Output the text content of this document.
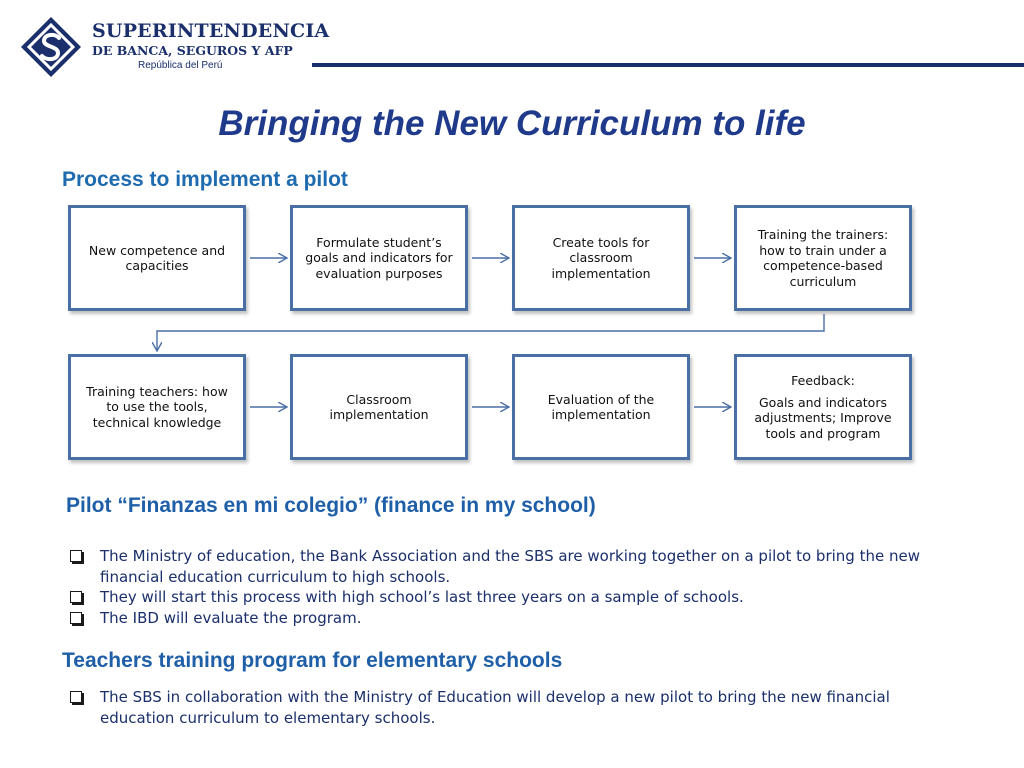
SUPERINTENDENCIA
DE BANCA, SEGUROS Y AFP
República del Perú
Bringing the New Curriculum to life
Process to implement a pilot
New competence and capacities
Formulate student’s goals and indicators for evaluation purposes
Create tools for classroom implementation
Training the trainers: how to train under a competence-based curriculum
Training teachers: how to use the tools, technical knowledge
Classroom implementation
Evaluation of the implementation
Feedback:
Goals and indicators adjustments; Improve tools and program
Pilot “Finanzas en mi colegio” (finance in my school)
The Ministry of education, the Bank Association and the SBS are working together on a pilot to bring the new financial education curriculum to high schools.
They will start this process with high school’s last three years on a sample of schools.
The IBD will evaluate the program.
Teachers training program for elementary schools
The SBS in collaboration with the Ministry of Education will develop a new pilot to bring the new financial education curriculum to elementary schools.
